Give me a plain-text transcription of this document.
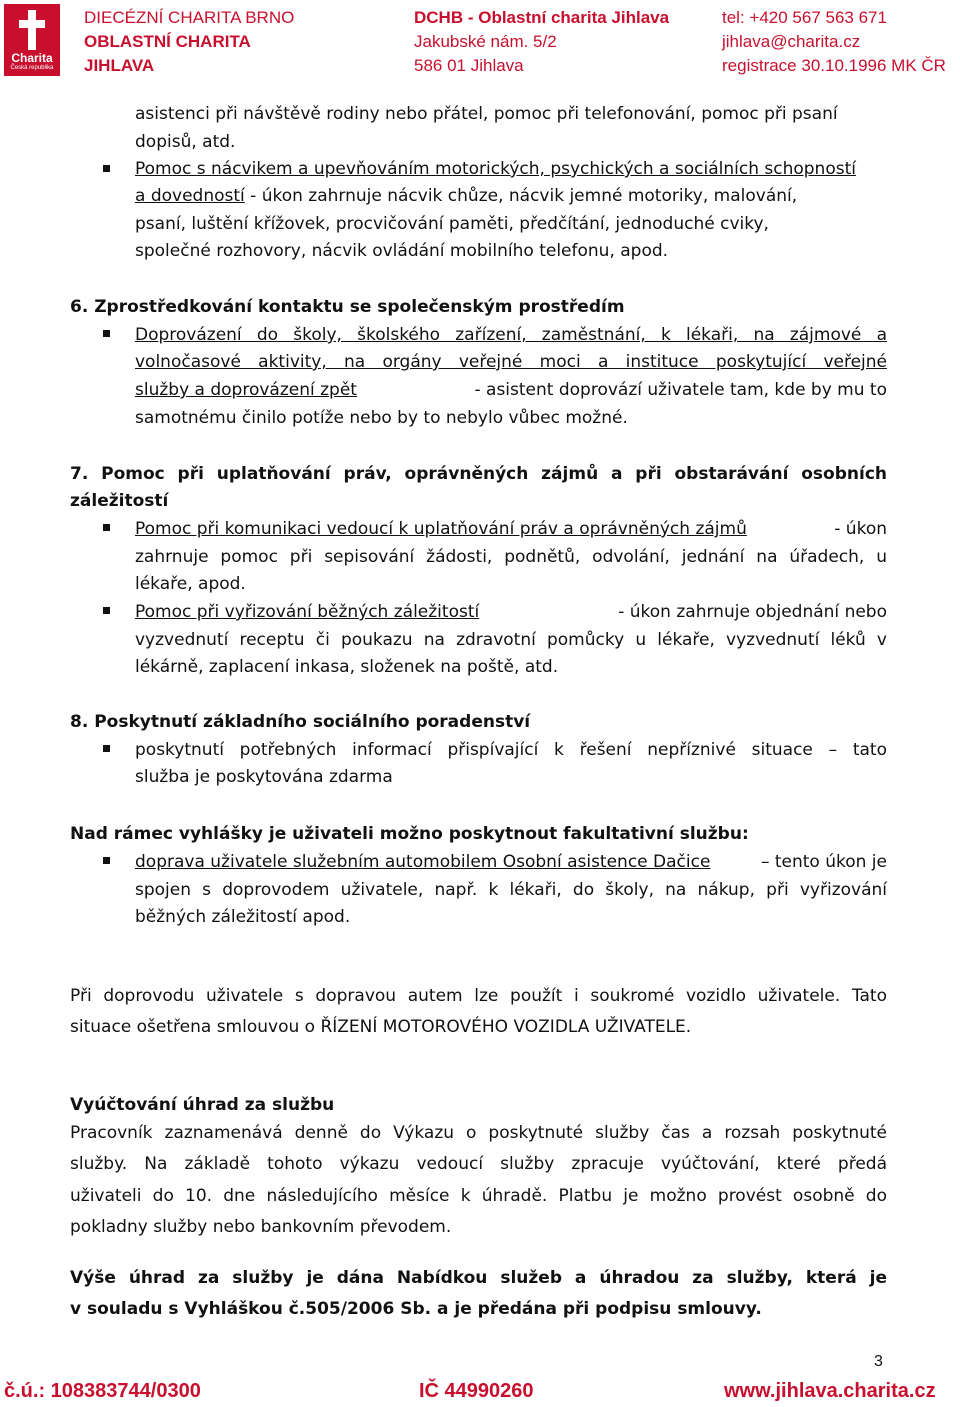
Charita
Česká republika
DIECÉZNÍ CHARITA BRNO
OBLASTNÍ CHARITA
JIHLAVA
DCHB - Oblastní charita Jihlava
Jakubské nám. 5/2
586 01 Jihlava
tel: +420 567 563 671
jihlava@charita.cz
registrace 30.10.1996 MK ČR
asistenci při návštěvě rodiny nebo přátel, pomoc při telefonování, pomoc při psaní
dopisů, atd.
Pomoc s nácvikem a upevňováním motorických, psychických a sociálních schopností
a dovedností - úkon zahrnuje nácvik chůze, nácvik jemné motoriky, malování,
psaní, luštění křížovek, procvičování paměti, předčítání, jednoduché cviky,
společné rozhovory, nácvik ovládání mobilního telefonu, apod.
6. Zprostředkování kontaktu se společenským prostředím
Doprovázení do školy, školského zařízení, zaměstnání, k lékaři, na zájmové a
volnočasové aktivity, na orgány veřejné moci a instituce poskytující veřejné
služby a doprovázení zpět	- asistent doprovází uživatele tam, kde by mu to
samotnému činilo potíže nebo by to nebylo vůbec možné.
7. Pomoc při uplatňování práv, oprávněných zájmů a při obstarávání osobních
záležitostí
Pomoc při komunikaci vedoucí k uplatňování práv a oprávněných zájmů	- úkon
zahrnuje pomoc při sepisování žádosti, podnětů, odvolání, jednání na úřadech, u
lékaře, apod.
Pomoc při vyřizování běžných záležitostí	- úkon zahrnuje objednání nebo
vyzvednutí receptu či poukazu na zdravotní pomůcky u lékaře, vyzvednutí léků v
lékárně, zaplacení inkasa, složenek na poště, atd.
8. Poskytnutí základního sociálního poradenství
poskytnutí potřebných informací přispívající k řešení nepříznivé situace – tato
služba je poskytována zdarma
Nad rámec vyhlášky je uživateli možno poskytnout fakultativní službu:
doprava uživatele služebním automobilem Osobní asistence Dačice	– tento úkon je
spojen s doprovodem uživatele, např. k lékaři, do školy, na nákup, při vyřizování
běžných záležitostí apod.
Při doprovodu uživatele s dopravou autem lze použít i soukromé vozidlo uživatele. Tato
situace ošetřena smlouvou o ŘÍZENÍ MOTOROVÉHO VOZIDLA UŽIVATELE.
Vyúčtování úhrad za službu
Pracovník zaznamenává denně do Výkazu o poskytnuté služby čas a rozsah poskytnuté
služby. Na základě tohoto výkazu vedoucí služby zpracuje vyúčtování, které předá
uživateli do 10. dne následujícího měsíce k úhradě. Platbu je možno provést osobně do
pokladny služby nebo bankovním převodem.
Výše úhrad za služby je dána Nabídkou služeb a úhradou za služby, která je
v souladu s Vyhláškou č.505/2006 Sb. a je předána při podpisu smlouvy.
3
č.ú.: 108383744/0300	IČ 44990260	www.jihlava.charita.cz
